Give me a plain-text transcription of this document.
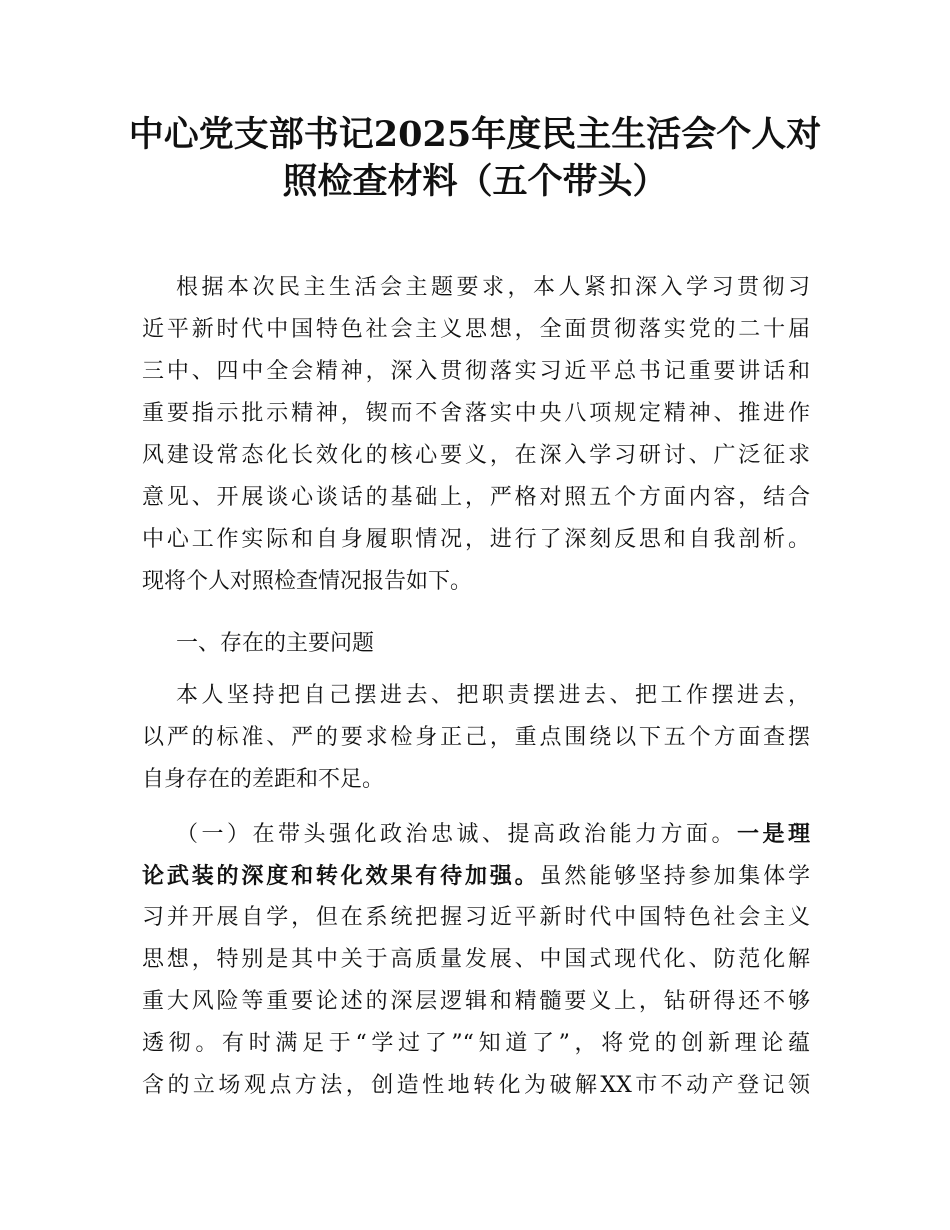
中心党支部书记2025年度民主生活会个人对
照检查材料（五个带头）
根据本次民主生活会主题要求，本人紧扣深入学习贯彻习
近平新时代中国特色社会主义思想，全面贯彻落实党的二十届
三中、四中全会精神，深入贯彻落实习近平总书记重要讲话和
重要指示批示精神，锲而不舍落实中央八项规定精神、推进作
风建设常态化长效化的核心要义，在深入学习研讨、广泛征求
意见、开展谈心谈话的基础上，严格对照五个方面内容，结合
中心工作实际和自身履职情况，进行了深刻反思和自我剖析。
现将个人对照检查情况报告如下。
一、存在的主要问题
本人坚持把自己摆进去、把职责摆进去、把工作摆进去，
以严的标准、严的要求检身正己，重点围绕以下五个方面查摆
自身存在的差距和不足。
（一）在带头强化政治忠诚、提高政治能力方面。一是理
论武装的深度和转化效果有待加强。虽然能够坚持参加集体学
习并开展自学，但在系统把握习近平新时代中国特色社会主义
思想，特别是其中关于高质量发展、中国式现代化、防范化解
重大风险等重要论述的深层逻辑和精髓要义上，钻研得还不够
透彻。有时满足于“学过了”“知道了”，将党的创新理论蕴
含的立场观点方法，创造性地转化为破解XX市不动产登记领
